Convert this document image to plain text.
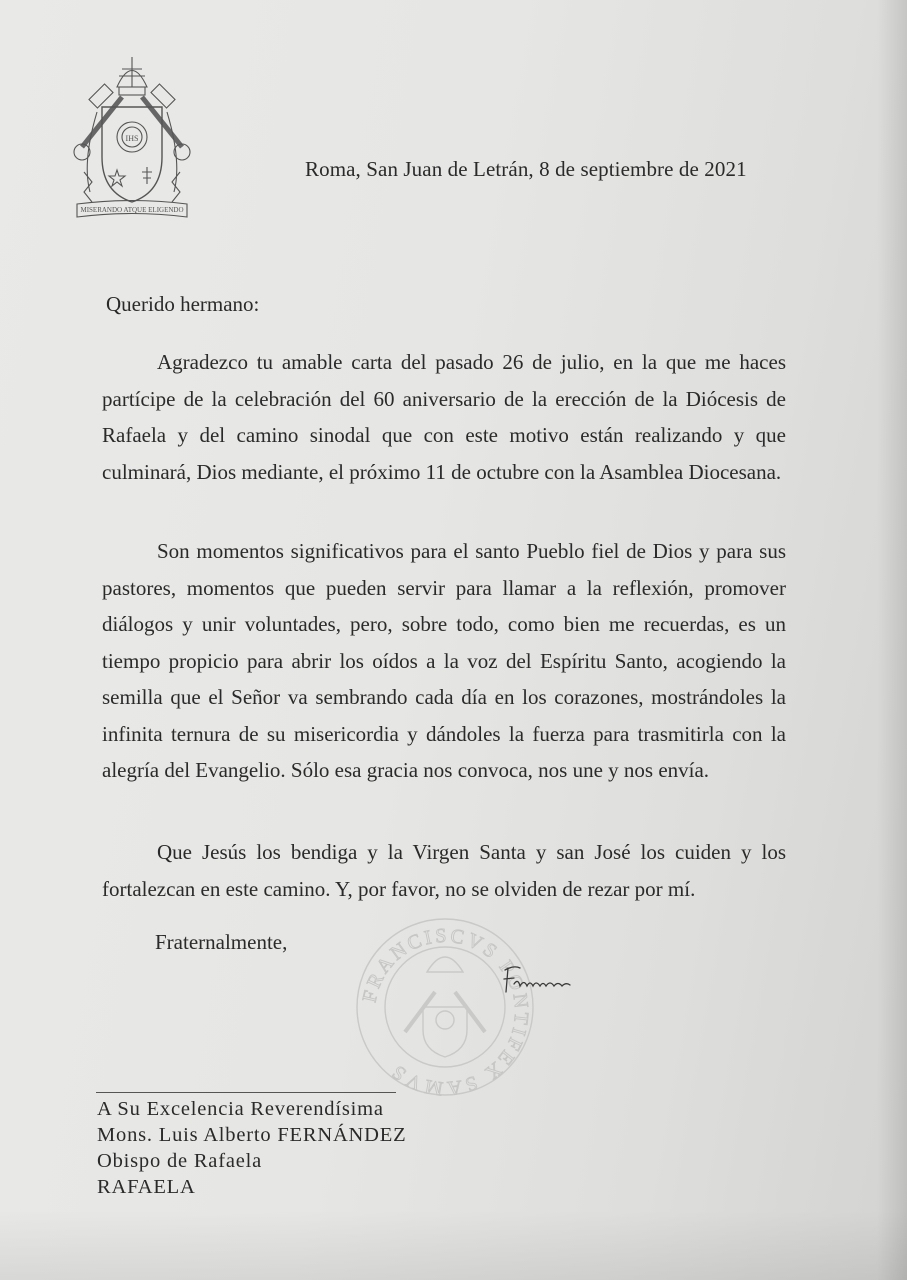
IHS
MISERANDO ATQUE ELIGENDO
Roma, San Juan de Letrán, 8 de septiembre de 2021
Querido hermano:

Agradezco tu amable carta del pasado 26 de julio, en la que me haces partícipe de la celebración del 60 aniversario de la erección de la Diócesis de Rafaela y del camino sinodal que con este motivo están realizando y que culminará, Dios mediante, el próximo 11 de octubre con la Asamblea Diocesana.

Son momentos significativos para el santo Pueblo fiel de Dios y para sus pastores, momentos que pueden servir para llamar a la reflexión, promover diálogos y unir voluntades, pero, sobre todo, como bien me recuerdas, es un tiempo propicio para abrir los oídos a la voz del Espíritu Santo, acogiendo la semilla que el Señor va sembrando cada día en los corazones, mostrándoles la infinita ternura de su misericordia y dándoles la fuerza para trasmitirla con la alegría del Evangelio. Sólo esa gracia nos convoca, nos une y nos envía.

Que Jesús los bendiga y la Virgen Santa y san José los cuiden y los fortalezcan en este camino. Y, por favor, no se olviden de rezar por mí.

Fraternalmente,
FRANCISCVS PONTIFEX SAMVS
A Su Excelencia Reverendísima
Mons. Luis Alberto FERNÁNDEZ
Obispo de Rafaela
RAFAELA
